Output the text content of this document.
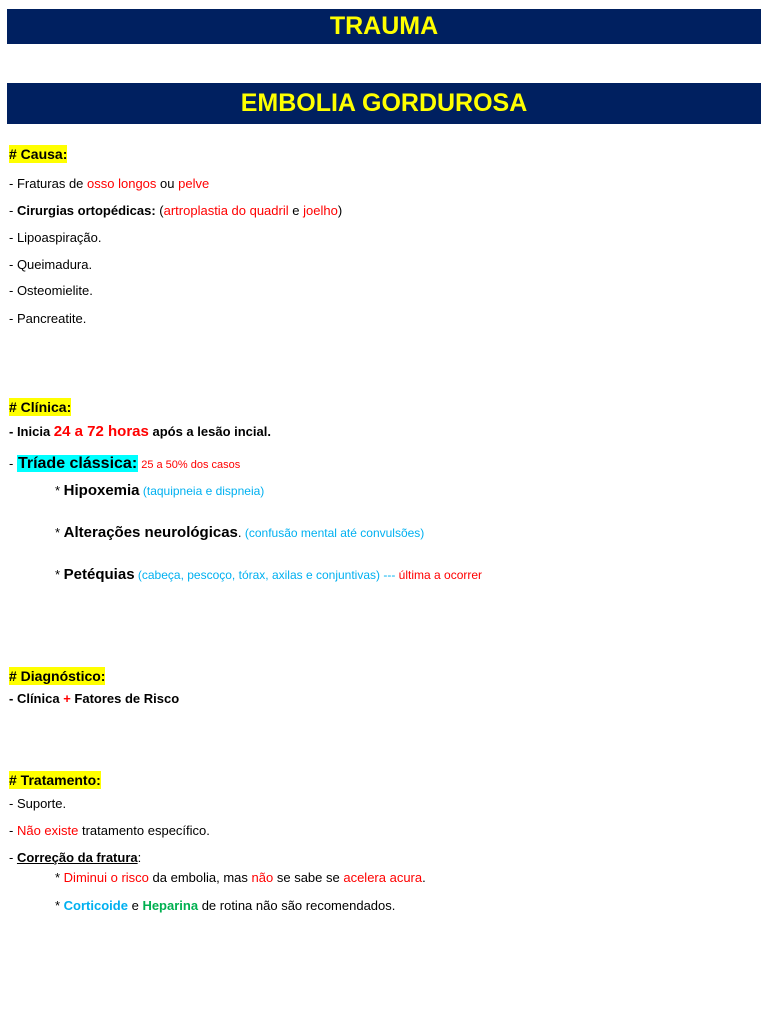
TRAUMA
EMBOLIA GORDUROSA
# Causa:
- Fraturas de osso longos ou pelve
- Cirurgias ortopédicas: (artroplastia do quadril e joelho)
- Lipoaspiração.
- Queimadura.
- Osteomielite.
- Pancreatite.
# Clínica:
- Inicia 24 a 72 horas após a lesão incial.
- Tríade clássica: 25 a 50% dos casos
* Hipoxemia (taquipneia e dispneia)
* Alterações neurológicas. (confusão mental até convulsões)
* Petéquias (cabeça, pescoço, tórax, axilas e conjuntivas) --- última a ocorrer
# Diagnóstico:
- Clínica + Fatores de Risco
# Tratamento:
- Suporte.
- Não existe tratamento específico.
- Correção da fratura:
* Diminui o risco da embolia, mas não se sabe se acelera acura.
* Corticoide e Heparina de rotina não são recomendados.
